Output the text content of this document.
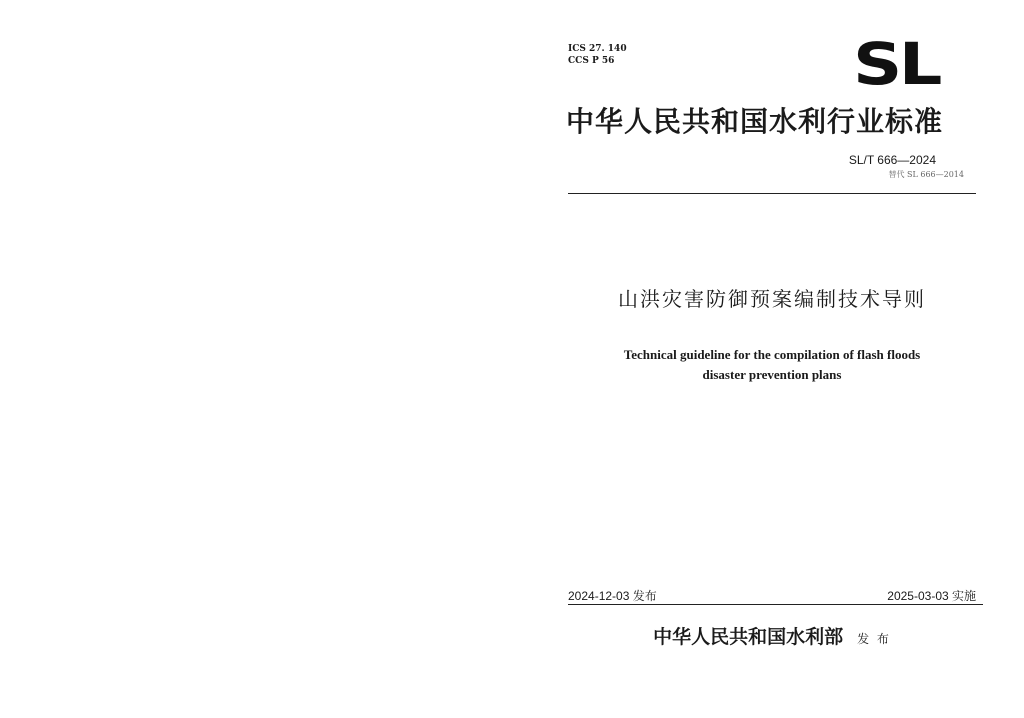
ICS 27. 140
CCS P 56	SL
中华人民共和国水利行业标准
SL/T 666—2024
替代 SL 666—2014
山洪灾害防御预案编制技术导则
Technical guideline for the compilation of flash floods
disaster prevention plans
2024-12-03 发布	2025-03-03 实施
中华人民共和国水利部 发 布
